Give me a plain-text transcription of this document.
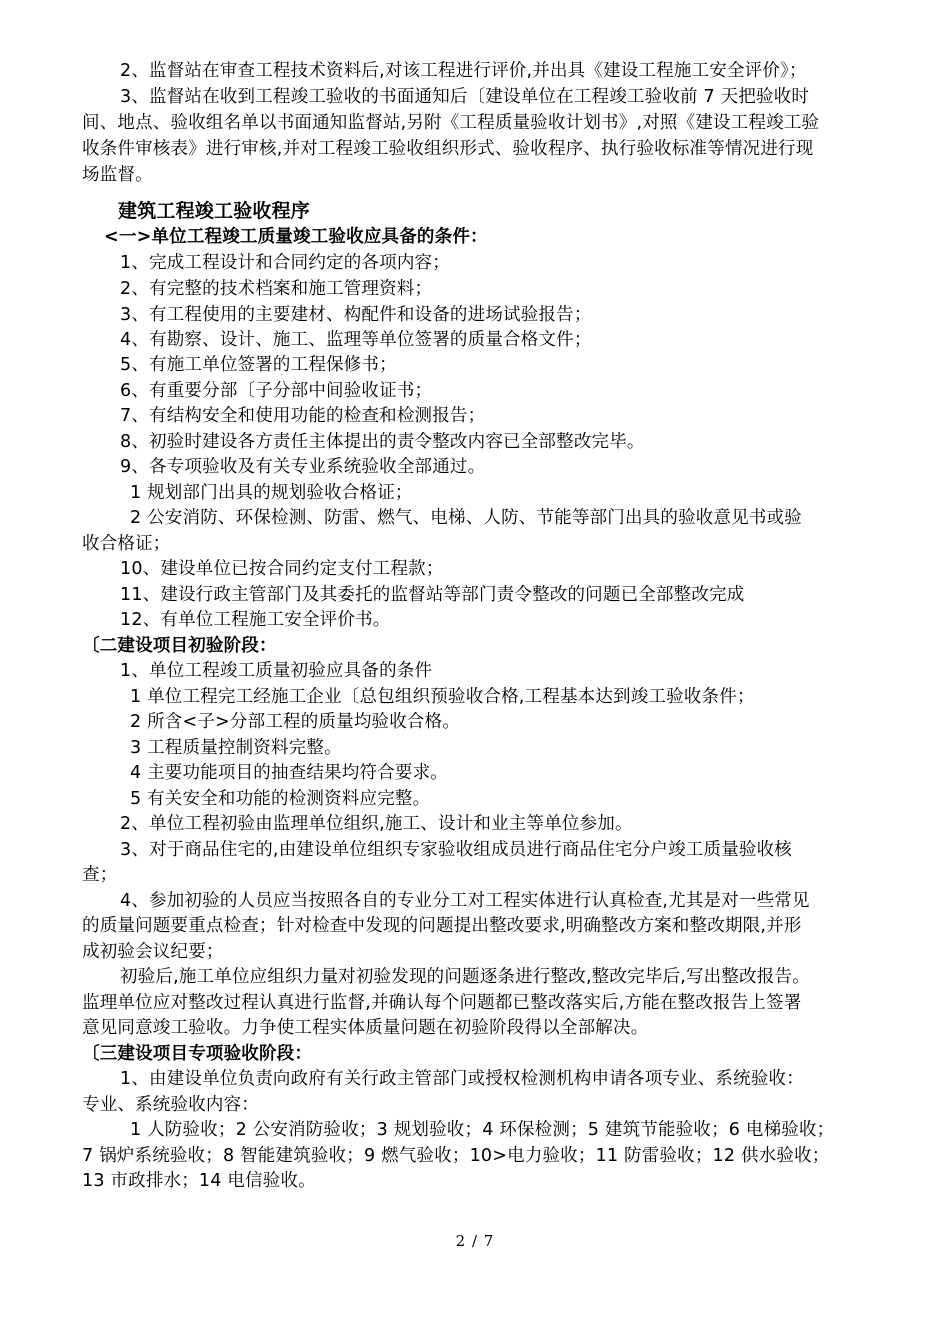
2、监督站在审查工程技术资料后,对该工程进行评价,并出具《建设工程施工安全评价》；
3、监督站在收到工程竣工验收的书面通知后〔建设单位在工程竣工验收前 7 天把验收时
间、地点、验收组名单以书面通知监督站,另附《工程质量验收计划书》,对照《建设工程竣工验
收条件审核表》进行审核,并对工程竣工验收组织形式、验收程序、执行验收标准等情况进行现
场监督。
建筑工程竣工验收程序
<一>单位工程竣工质量竣工验收应具备的条件：
1、完成工程设计和合同约定的各项内容；
2、有完整的技术档案和施工管理资料；
3、有工程使用的主要建材、构配件和设备的进场试验报告；
4、有勘察、设计、施工、监理等单位签署的质量合格文件；
5、有施工单位签署的工程保修书；
6、有重要分部〔子分部中间验收证书；
7、有结构安全和使用功能的检查和检测报告；
8、初验时建设各方责任主体提出的责令整改内容已全部整改完毕。
9、各专项验收及有关专业系统验收全部通过。
1 规划部门出具的规划验收合格证；
2 公安消防、环保检测、防雷、燃气、电梯、人防、节能等部门出具的验收意见书或验
收合格证；
10、建设单位已按合同约定支付工程款；
11、建设行政主管部门及其委托的监督站等部门责令整改的问题已全部整改完成
12、有单位工程施工安全评价书。
〔二建设项目初验阶段：
1、单位工程竣工质量初验应具备的条件
1 单位工程完工经施工企业〔总包组织预验收合格,工程基本达到竣工验收条件；
2 所含<子>分部工程的质量均验收合格。
3 工程质量控制资料完整。
4 主要功能项目的抽查结果均符合要求。
5 有关安全和功能的检测资料应完整。
2、单位工程初验由监理单位组织,施工、设计和业主等单位参加。
3、对于商品住宅的,由建设单位组织专家验收组成员进行商品住宅分户竣工质量验收核
查；
4、参加初验的人员应当按照各自的专业分工对工程实体进行认真检查,尤其是对一些常见
的质量问题要重点检查；针对检查中发现的问题提出整改要求,明确整改方案和整改期限,并形
成初验会议纪要；
初验后,施工单位应组织力量对初验发现的问题逐条进行整改,整改完毕后,写出整改报告。
监理单位应对整改过程认真进行监督,并确认每个问题都已整改落实后,方能在整改报告上签署
意见同意竣工验收。力争使工程实体质量问题在初验阶段得以全部解决。
〔三建设项目专项验收阶段：
1、由建设单位负责向政府有关行政主管部门或授权检测机构申请各项专业、系统验收：
专业、系统验收内容：
1 人防验收；2 公安消防验收；3 规划验收；4 环保检测；5 建筑节能验收；6 电梯验收；
7 锅炉系统验收；8 智能建筑验收；9 燃气验收；10>电力验收；11 防雷验收；12 供水验收；
13 市政排水；14 电信验收。
2 / 7
